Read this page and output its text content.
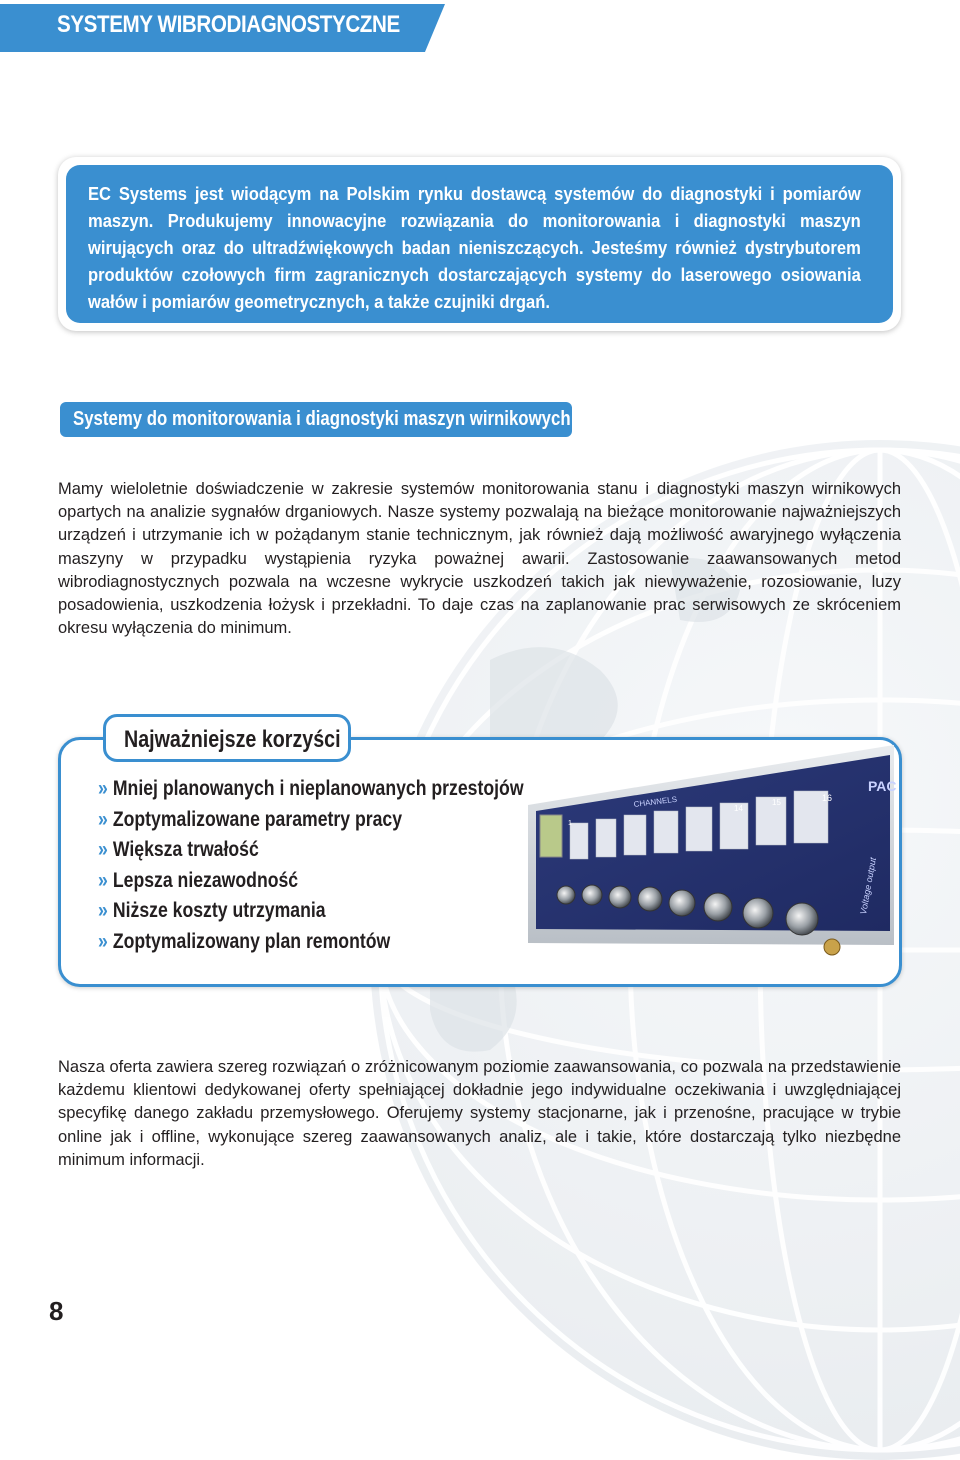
SYSTEMY WIBRODIAGNOSTYCZNE
EC Systems jest wiodącym na Polskim rynku dostawcą systemów do diagnostyki i pomiarów maszyn. Produkujemy innowacyjne rozwiązania do monitorowania i diagnostyki maszyn wirujących oraz do ultradźwiękowych badan nieniszczących. Jesteśmy również dystrybutorem produktów czołowych firm zagranicznych dostarczających systemy do laserowego osiowania wałów i pomiarów geometrycznych, a także czujniki drgań.
Systemy do monitorowania i diagnostyki maszyn wirnikowych
Mamy wieloletnie doświadczenie w zakresie systemów monitorowania stanu i diagnostyki maszyn wirnikowych opartych na analizie sygnałów drganiowych. Nasze systemy pozwalają na bieżące monitorowanie najważniejszych urządzeń i utrzymanie ich w pożądanym stanie technicznym, jak również dają możliwość awaryjnego wyłączenia maszyny w przypadku wystąpienia ryzyka poważnej awarii. Zastosowanie zaawansowanych metod wibrodiagnostycznych pozwala na wczesne wykrycie uszkodzeń takich jak niewyważenie, rozosiowanie, luzy posadowienia, uszkodzenia łożysk i przekładni. To daje czas na zaplanowanie prac serwisowych ze skróceniem okresu wyłączenia do minimum.
Najważniejsze korzyści
» Mniej planowanych i nieplanowanych przestojów
» Zoptymalizowane parametry pracy
» Większa trwałość
» Lepsza niezawodność
» Niższe koszty utrzymania
» Zoptymalizowany plan remontów
CHANNELS
PAC
1
14
15	16
Voltage output
Nasza oferta zawiera szereg rozwiązań o zróżnicowanym poziomie zaawansowania, co pozwala na przedstawienie każdemu klientowi dedykowanej oferty spełniającej dokładnie jego indywidualne oczekiwania i uwzględniającej specyfikę danego zakładu przemysłowego. Oferujemy systemy stacjonarne, jak i przenośne, pracujące w trybie online jak i offline, wykonujące szereg zaawansowanych analiz, ale i takie, które dostarczają tylko niezbędne minimum informacji.
8
